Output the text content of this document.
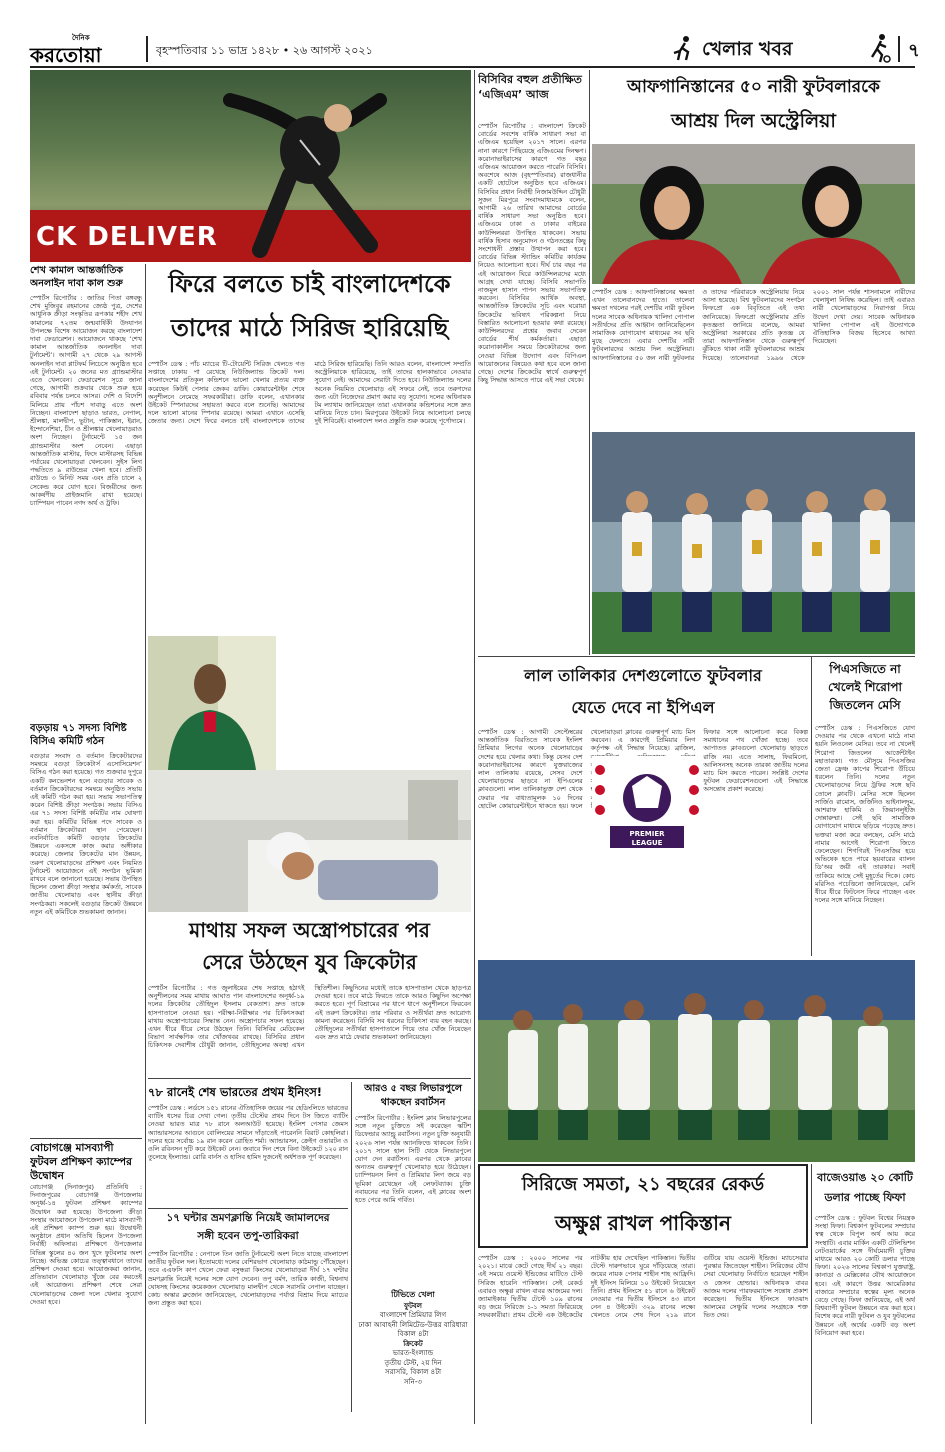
দৈনিক
করতোয়া	বৃহস্পতিবার ১১ ভাদ্র ১৪২৮ • ২৬ আগস্ট ২০২১	খেলার খবর	৭
CK DELIVER
শেখ কামাল আন্তর্জাতিক অনলাইন দাবা কাল শুরু
স্পোর্টস রিপোর্টার : জাতির পিতা বঙ্গবন্ধু শেখ মুজিবুর রহমানের জ্যেষ্ঠ পুত্র, দেশের আধুনিক ক্রীড়া সংস্কৃতির রূপকার শহীদ শেখ কামালের ৭২তম জন্মবার্ষিকী উদযাপন উপলক্ষে বিশেষ আয়োজন করছে বাংলাদেশ দাবা ফেডারেশন। আয়োজনে থাকছে ‘শেখ কামাল আন্তর্জাতিক অনলাইন দাবা টুর্নামেন্ট’। আগামী ২৭ থেকে ২৯ আগস্ট অনলাইন দাবা প্লাটফর্ম লিচেসে অনুষ্ঠিত হবে এই টুর্নামেন্ট। ২০ জনের মত গ্র্যান্ডমাস্টার এতে খেলবেন। ফেডারেশন সূত্রে জানা গেছে, আগামী শুক্রবার থেকে শুরু হয়ে রবিবার পর্যন্ত চলবে আসর। দেশি ও বিদেশি মিলিয়ে প্রায় পাঁচশ দাবাড়ু এতে অংশ নিচ্ছেন। বাংলাদেশ ছাড়াও ভারত, নেপাল, শ্রীলঙ্কা, মালদ্বীপ, ভুটান, পাকিস্তান, ইরান, ইন্দোনেশিয়া, চীন ও শ্রীলঙ্কার খেলোয়াড়রাও অংশ নিচ্ছেন। টুর্নামেন্টে ১৫ জন গ্র্যান্ডমাস্টার অংশ নেবেন। এছাড়া আন্তর্জাতিক মাস্টার, ফিদে মাস্টারসহ বিভিন্ন পর্যায়ের খেলোয়াড়রা খেলবেন। সুইস লিগ পদ্ধতিতে ৯ রাউন্ডের খেলা হবে। প্রতিটি রাউন্ডে ৩ মিনিট সময় এবং প্রতি চালে ২ সেকেন্ড করে যোগ হবে। বিজয়ীদের জন্য আকর্ষণীয় প্রাইজমানি রাখা হয়েছে। চ্যাম্পিয়ন পাবেন নগদ অর্থ ও ট্রফি।
বড়ড়ায় ৭১ সদস্য বিশিষ্ট বিসিএ কমিটি গঠন
বগুড়ার সংবাদ ও বর্তমান ক্রিকেটারদের সমন্বয়ে বগুড়া ক্রিকেটার্স এসোসিয়েশন’ বিসিএ গঠন করা হয়েছে। গত শুক্রবার দুপুরে একটি কনভেনশন হলে বগুড়ার সাবেক ও বর্তমান ক্রিকেটারদের সমন্বয়ে অনুষ্ঠিত সভায় এই কমিটি গঠন করা হয়। সভায় সভাপতিত্ব করেন বিশিষ্ট ক্রীড়া সংগঠক। সভায় বিসিএ এর ৭১ সদস্য বিশিষ্ট কমিটির নাম ঘোষণা করা হয়। কমিটির বিভিন্ন পদে সাবেক ও বর্তমান ক্রিকেটাররা স্থান পেয়েছেন। নবনির্বাচিত কমিটি বগুড়ার ক্রিকেটের উন্নয়নে একসঙ্গে কাজ করার অঙ্গীকার করেছে। জেলার ক্রিকেটের মান উন্নয়ন, তরুণ খেলোয়াড়দের প্রশিক্ষণ এবং নিয়মিত টুর্নামেন্ট আয়োজনে এই সংগঠন ভূমিকা রাখবে বলে জানানো হয়েছে। সভায় উপস্থিত ছিলেন জেলা ক্রীড়া সংস্থার কর্মকর্তা, সাবেক জাতীয় খেলোয়াড় এবং স্থানীয় ক্রীড়া সংগঠকরা। সকলেই বগুড়ার ক্রিকেট উন্নয়নে নতুন এই কমিটিকে শুভকামনা জানান।
বোচাগঞ্জে মাসব্যাপী ফুটবল প্রশিক্ষণ ক্যাম্পের উদ্বোধন
বোচাগঞ্জ (দিনাজপুর) প্রতিনিধি : দিনাজপুরের বোচাগঞ্জ উপজেলায় অনূর্ধ্ব-১৪ ফুটবল প্রশিক্ষণ ক্যাম্পের উদ্বোধন করা হয়েছে। উপজেলা ক্রীড়া সংস্থার আয়োজনে উপজেলা মাঠে মাসব্যাপী এই প্রশিক্ষণ ক্যাম্প শুরু হয়। উদ্বোধনী অনুষ্ঠানে প্রধান অতিথি ছিলেন উপজেলা নির্বাহী অফিসার। প্রশিক্ষণে উপজেলার বিভিন্ন স্কুলের ৪০ জন খুদে ফুটবলার অংশ নিচ্ছে। অভিজ্ঞ কোচের তত্ত্বাবধানে তাদের প্রশিক্ষণ দেওয়া হবে। আয়োজকরা জানান, প্রতিভাবান খেলোয়াড় খুঁজে বের করতেই এই আয়োজন। প্রশিক্ষণ শেষে সেরা খেলোয়াড়দের জেলা দলে খেলার সুযোগ দেওয়া হবে।
ফিরে বলতে চাই বাংলাদেশকে
তাদের মাঠে সিরিজ হারিয়েছি
স্পোর্টস ডেস্ক : পাঁচ ম্যাচের টি-টোয়েন্টি সিরিজ খেলতে গত সপ্তাহে ঢাকায় পা রেখেছে নিউজিল্যান্ড ক্রিকেট দল। বাংলাদেশের প্রতিকূল কন্ডিশনে ভালো খেলার প্রত্যয় ব্যক্ত করেছেন কিউই পেসার জেকব ডাফি। কোয়ারেন্টাইন শেষে অনুশীলনে নেমেছে সফরকারীরা। ডাফি বলেন, এখানকার উইকেট স্পিনারদের সহায়তা করবে বলে শুনেছি। আমাদের দলে ভালো মানের স্পিনার রয়েছে। আমরা এখানে এসেছি জেতার জন্য। দেশে ফিরে বলতে চাই বাংলাদেশকে তাদের মাঠে সিরিজ হারিয়েছি। তিনি আরও বলেন, বাংলাদেশ সম্প্রতি অস্ট্রেলিয়াকে হারিয়েছে, তাই তাদের হালকাভাবে নেওয়ার সুযোগ নেই। আমাদের সেরাটা দিতে হবে। নিউজিল্যান্ড দলের অনেক নিয়মিত খেলোয়াড় এই সফরে নেই, তবে তরুণদের জন্য এটা নিজেদের প্রমাণ করার বড় সুযোগ। দলের অধিনায়ক টম ল্যাথাম জানিয়েছেন তারা এখানকার কন্ডিশনের সঙ্গে দ্রুত মানিয়ে নিতে চান। মিরপুরের উইকেট নিয়ে আলোচনা চলছে দুই শিবিরেই। বাংলাদেশ দলও প্রস্তুতি শুরু করেছে পূর্ণোদ্যমে।
মাথায় সফল অস্ত্রোপচারের পর
সেরে উঠছেন যুব ক্রিকেটার
স্পোর্টস রিপোর্টার : গত জুলাইয়ের শেষ সপ্তাহে হঠাৎই অনুশীলনের সময় মাথায় আঘাত পান বাংলাদেশের অনূর্ধ্ব-১৯ দলের ক্রিকেটার তৌহিদুল ইসলাম বেকতাশ। দ্রুত তাকে হাসপাতালে নেওয়া হয়। পরীক্ষা-নিরীক্ষার পর চিকিৎসকরা মাথায় অস্ত্রোপচারের সিদ্ধান্ত নেন। অস্ত্রোপচার সফল হয়েছে। এখন ধীরে ধীরে সেরে উঠছেন তিনি। বিসিবির মেডিকেল বিভাগ সার্বক্ষণিক তার খোঁজখবর রাখছে। বিসিবির প্রধান চিকিৎসক দেবাশীষ চৌধুরী জানান, তৌহিদুলের অবস্থা এখন স্থিতিশীল। কিছুদিনের মধ্যেই তাকে হাসপাতাল থেকে ছাড়পত্র দেওয়া হবে। তবে মাঠে ফিরতে তাকে আরও কিছুদিন অপেক্ষা করতে হবে। পূর্ণ বিশ্রামের পর ধাপে ধাপে অনুশীলনে ফিরবেন এই তরুণ ক্রিকেটার। তার পরিবার ও সতীর্থরা দ্রুত আরোগ্য কামনা করেছেন। বিসিবি সব ধরনের চিকিৎসা ব্যয় বহন করছে। তৌহিদুলের সতীর্থরা হাসপাতালে গিয়ে তার খোঁজ নিয়েছেন এবং দ্রুত মাঠে ফেরার শুভকামনা জানিয়েছেন।
৭৮ রানেই শেষ ভারতের প্রথম ইনিংস!
স্পোর্টস ডেস্ক : লর্ডসে ১৫১ রানের ঐতিহাসিক জয়ের পর হেডিংলিতে ভারতের ব্যাটিং ধসের চিত্র দেখা গেল। তৃতীয় টেস্টের প্রথম দিনে টস জিতে ব্যাটিং নেওয়া ভারত মাত্র ৭৮ রানে অলআউট হয়েছে। ইংলিশ পেসার জেমস অ্যান্ডারসনের আগুনে বোলিংয়ের সামনে দাঁড়াতেই পারেননি বিরাট কোহলিরা। দলের হয়ে সর্বোচ্চ ১৯ রান করেন রোহিত শর্মা। অ্যান্ডারসন, ক্রেইগ ওভারটন ও ওলি রবিনসন দুটি করে উইকেট নেন। জবাবে দিন শেষে বিনা উইকেটে ১২০ রান তুলেছে ইংল্যান্ড। রোরি বার্নস ও হাসিব হামিদ দুজনেই অর্ধশতক পূর্ণ করেছেন।
আরও ৫ বছর লিভারপুলে
থাকছেন রবার্টসন
স্পোর্টস রিপোর্টার : ইংলিশ ক্লাব লিভারপুলের সঙ্গে নতুন চুক্তিতে সই করেছেন স্কটিশ ডিফেন্ডার অ্যান্ড্রু রবার্টসন। নতুন চুক্তি অনুযায়ী ২০২৬ সাল পর্যন্ত অ্যানফিল্ডে থাকবেন তিনি। ২০১৭ সালে হাল সিটি থেকে লিভারপুলে যোগ দেন রবার্টসন। এরপর থেকে ক্লাবের অন্যতম গুরুত্বপূর্ণ খেলোয়াড় হয়ে উঠেছেন। চ্যাম্পিয়নস লিগ ও প্রিমিয়ার লিগ জয়ে বড় ভূমিকা রেখেছেন এই লেফটব্যাক। চুক্তি নবায়নের পর তিনি বলেন, এই ক্লাবের অংশ হতে পেরে আমি গর্বিত।
টিভিতে খেলা
ফুটবল
বাংলাদেশ প্রিমিয়ার লিগ
ঢাকা আবাহনী লিমিটেড-উত্তর বারিধারা
বিকাল ৪টা
ক্রিকেট
ভারত-ইংল্যান্ড
তৃতীয় টেস্ট, ২য় দিন
সরাসরি, বিকাল ৪টা
সনি-৩
১৭ ঘন্টার ভ্রমণক্লান্তি নিয়েই জামালদের
সঙ্গী হবেন তপু-তারিকরা
স্পোর্টস রিপোর্টার : নেপালে তিন জাতি টুর্নামেন্টে অংশ নিতে যাচ্ছে বাংলাদেশ জাতীয় ফুটবল দল। ইতোমধ্যে দলের বেশিরভাগ খেলোয়াড় কাঠমান্ডু পৌঁছেছেন। তবে এএফসি কাপ খেলে ফেরা বসুন্ধরা কিংসের খেলোয়াড়রা দীর্ঘ ১৭ ঘণ্টার ভ্রমণক্লান্তি নিয়েই দলের সঙ্গে যোগ দেবেন। তপু বর্মণ, তারিক কাজী, বিশ্বনাথ ঘোষসহ কিংসের কয়েকজন খেলোয়াড় মালদ্বীপ থেকে সরাসরি নেপাল যাচ্ছেন। কোচ অস্কার ব্রুজোন জানিয়েছেন, খেলোয়াড়দের পর্যাপ্ত বিশ্রাম দিয়ে ম্যাচের জন্য প্রস্তুত করা হবে।
বিসিবির বহুল প্রতীক্ষিত ‘এজিএম’ আজ
স্পোর্টস রিপোর্টার : বাংলাদেশ ক্রিকেট বোর্ডের সবশেষ বার্ষিক সাধারণ সভা বা এজিএম হয়েছিল ২০১৭ সালে। এরপর নানা কারণে পিছিয়েছে এজিএমের দিনক্ষণ। করোনাভাইরাসের কারণে গত বছর এজিএম আয়োজন করতে পারেনি বিসিবি। অবশেষে আজ (বৃহস্পতিবার) রাজধানীর একটি হোটেলে অনুষ্ঠিত হবে এজিএম। বিসিবির প্রধান নির্বাহী নিজামউদ্দিন চৌধুরী সুজন মিরপুরে সংবাদমাধ্যমকে বলেন, আগামী ২৬ তারিখ আমাদের বোর্ডের বার্ষিক সাধারণ সভা অনুষ্ঠিত হবে। এজিএমে ঢাকা ও ঢাকার বাইরের কাউন্সিলররা উপস্থিত থাকবেন। সভায় বার্ষিক হিসাব অনুমোদন ও গঠনতন্ত্রের কিছু সংশোধনী প্রস্তাব উত্থাপন করা হবে। বোর্ডের বিভিন্ন স্ট্যান্ডিং কমিটির কার্যক্রম নিয়েও আলোচনা হবে। দীর্ঘ চার বছর পর এই আয়োজন ঘিরে কাউন্সিলরদের মধ্যে আগ্রহ দেখা যাচ্ছে। বিসিবি সভাপতি নাজমুল হাসান পাপন সভায় সভাপতিত্ব করবেন। বিসিবির আর্থিক অবস্থা, আন্তর্জাতিক ক্রিকেটের সূচি এবং ঘরোয়া ক্রিকেটের ভবিষ্যৎ পরিকল্পনা নিয়ে বিস্তারিত আলোচনা হওয়ার কথা রয়েছে। কাউন্সিলরদের প্রশ্নের জবাব দেবেন বোর্ডের শীর্ষ কর্মকর্তারা। এছাড়া করোনাকালীন সময়ে ক্রিকেটারদের জন্য নেওয়া বিভিন্ন উদ্যোগ এবং বিপিএল আয়োজনের বিষয়েও কথা হবে বলে জানা গেছে। দেশের ক্রিকেটের স্বার্থে গুরুত্বপূর্ণ কিছু সিদ্ধান্ত আসতে পারে এই সভা থেকে।
আফগানিস্তানের ৫০ নারী ফুটবলারকে
আশ্রয় দিল অস্ট্রেলিয়া
স্পোর্টস ডেস্ক : আফগানিস্তানের ক্ষমতা এখন তালেবানদের হাতে। তালেবা ক্ষমতা দখলের পরই দেশটির নারী ফুটবল দলের সাবেক অধিনায়ক খালিদা পোপাল সতীর্থদের প্রতি আহ্বান জানিয়েছিলেন সামাজিক যোগাযোগ মাধ্যমের সব ছবি মুছে ফেলতে। এবার দেশটির নারী ফুটবলারদের আশ্রয় দিল অস্ট্রেলিয়া। আফগানিস্তানের ৫০ জন নারী ফুটবলার ও তাদের পরিবারকে অস্ট্রেলিয়ায় নিয়ে আসা হয়েছে। বিশ্ব ফুটবলারদের সংগঠন ফিফপ্রো এক বিবৃতিতে এই তথ্য জানিয়েছে। ফিফপ্রো অস্ট্রেলিয়ার প্রতি কৃতজ্ঞতা জানিয়ে বলেছে, আমরা অস্ট্রেলিয়া সরকারের প্রতি কৃতজ্ঞ যে তারা আফগানিস্তান থেকে গুরুত্বপূর্ণ ঝুঁকিতে থাকা নারী ফুটবলারদের আশ্রয় দিয়েছে। তালেবানরা ১৯৯৬ থেকে ২০০১ সাল পর্যন্ত শাসনামলে নারীদের খেলাধুলা নিষিদ্ধ করেছিল। তাই এবারও নারী খেলোয়াড়দের নিরাপত্তা নিয়ে উদ্বেগ দেখা দেয়। সাবেক অধিনায়ক খালিদা পোপাল এই উদ্যোগকে ঐতিহাসিক বিজয় হিসেবে আখ্যা দিয়েছেন।
লাল তালিকার দেশগুলোতে ফুটবলার
যেতে দেবে না ইপিএল
স্পোর্টস ডেস্ক : আগামী সেপ্টেম্বরের আন্তর্জাতিক বিরতিতে সাবেক ইংলিশ প্রিমিয়ার লিগের অনেক খেলোয়াড়ের দেশের হয়ে খেলার কথা। কিন্তু যেসব দেশ করোনাভাইরাসের কারণে যুক্তরাজ্যের লাল তালিকায় রয়েছে, সেসব দেশে খেলোয়াড়দের ছাড়বে না ইপিএলের ক্লাবগুলো। লাল তালিকাভুক্ত দেশ থেকে ফেরার পর বাধ্যতামূলক ১০ দিনের হোটেল কোয়ারেন্টাইনে থাকতে হয়। ফলে খেলোয়াড়রা ক্লাবের গুরুত্বপূর্ণ ম্যাচ মিস করবেন। এ কারণেই প্রিমিয়ার লিগ কর্তৃপক্ষ এই সিদ্ধান্ত নিয়েছে। ব্রাজিল, ফিফার সঙ্গে আলোচনা করে বিকল্প সমাধানের পথ খোঁজা হচ্ছে। তবে আপাতত ক্লাবগুলো খেলোয়াড় ছাড়তে রাজি নয়। এতে সালাহ, ফিরমিনো, আলিসনসহ অনেক তারকা জাতীয় দলের ম্যাচ মিস করতে পারেন। সংশ্লিষ্ট দেশের ফুটবল ফেডারেশনগুলো এই সিদ্ধান্তে অসন্তোষ প্রকাশ করেছে।
PREMIER
LEAGUE
পিএসজিতে না খেলেই শিরোপা
জিতলেন মেসি
স্পোর্টস ডেস্ক : পিএসজিতে যোগ দেওয়ার পর থেকে এখনো মাঠে নামা হয়নি লিওনেল মেসির। তবে না খেলেই শিরোপা জিতলেন আর্জেন্টাইন মহাতারকা। গত মৌসুমে পিএসজির জেতা ফ্রেঞ্চ কাপের শিরোপা উঁচিয়ে ধরলেন তিনি। দলের নতুন খেলোয়াড়দের নিয়ে ট্রফির সঙ্গে ছবি তোলে ক্লাবটি। মেসির সঙ্গে ছিলেন সার্জিও রামোস, জর্জিনিও ভাইনালদুম, আশরাফ হাকিমি ও জিয়ানলুইজি দোন্নারুম্মা। সেই ছবি সামাজিক যোগাযোগ মাধ্যমে ছড়িয়ে পড়েছে দ্রুত। ভক্তরা মজা করে বলছেন, মেসি মাঠে নামার আগেই শিরোপা জিতে ফেলেছেন। শিগগিরই পিএসজির হয়ে অভিষেক হতে পারে ছয়বারের ব্যালন ডি’অর জয়ী এই তারকার। সবাই তাকিয়ে আছে সেই মুহূর্তের দিকে। কোচ মরিসিও পচেত্তিনো জানিয়েছেন, মেসি ধীরে ধীরে ফিটনেস ফিরে পাচ্ছেন এবং দলের সঙ্গে মানিয়ে নিচ্ছেন।
সিরিজে সমতা, ২১ বছরের রেকর্ড
অক্ষুণ্ণ রাখল পাকিস্তান
স্পোর্টস ডেস্ক : ২০০০ সালের পর ২০২১। মাঝে কেটে গেছে দীর্ঘ ২১ বছর। এই সময়ে ওয়েস্ট ইন্ডিজের মাটিতে টেস্ট সিরিজ হারেনি পাকিস্তান। সেই রেকর্ড এবারও অক্ষুণ্ণ রাখল বাবর আজমের দল। জ্যামাইকায় দ্বিতীয় টেস্টে ১০৯ রানের বড় জয়ে সিরিজে ১-১ সমতা ফিরিয়েছে সফরকারীরা। প্রথম টেস্টে এক উইকেটের নাটকীয় হার দেখেছিল পাকিস্তান। দ্বিতীয় টেস্টে দারুণভাবে ঘুরে দাঁড়িয়েছে তারা। জয়ের নায়ক পেসার শাহীন শাহ আফ্রিদি। দুই ইনিংস মিলিয়ে ১০ উইকেট নিয়েছেন তিনি। প্রথম ইনিংসে ৫১ রানে ৬ উইকেট নেওয়ার পর দ্বিতীয় ইনিংসে ৪৩ রানে নেন ৪ উইকেট। ৩২৯ রানের লক্ষ্যে খেলতে নেমে শেষ দিনে ২১৯ রানে গুটিয়ে যায় ওয়েস্ট ইন্ডিজ। ম্যাচসেরার পুরস্কার জিতেছেন শাহীন। সিরিজের যৌথ সেরা খেলোয়াড় নির্বাচিত হয়েছেন শাহীন ও জেসন হোল্ডার। অধিনায়ক বাবর আজম দলের পারফরম্যান্সে সন্তোষ প্রকাশ করেছেন। দ্বিতীয় ইনিংসে ফাওয়াদ আলমের সেঞ্চুরি দলের সংগ্রহকে শক্ত ভিত দেয়।
বাজেওয়াঙ ২০ কোটি
ডলার পাচ্ছে ফিফা
স্পোর্টস ডেস্ক : ফুটবল বিশ্বের নিয়ন্ত্রক সংস্থা ফিফা। বিশ্বকাপ ফুটবলের সম্প্রচার স্বত্ব থেকে বিপুল অর্থ আয় করে সংস্থাটি। এবার মার্কিন একটি টেলিভিশন নেটওয়ার্কের সঙ্গে দীর্ঘমেয়াদী চুক্তির মাধ্যমে আরও ২০ কোটি ডলার পাচ্ছে ফিফা। ২০২৬ সালের বিশ্বকাপ যুক্তরাষ্ট্র, কানাডা ও মেক্সিকোর যৌথ আয়োজনে হবে। এই কারণে উত্তর আমেরিকার বাজারে সম্প্রচার স্বত্বের মূল্য অনেক বেড়ে গেছে। ফিফা জানিয়েছে, এই অর্থ বিশ্বব্যাপী ফুটবল উন্নয়নে ব্যয় করা হবে। বিশেষ করে নারী ফুটবল ও যুব ফুটবলের উন্নয়নে এই অর্থের একটি বড় অংশ বিনিয়োগ করা হবে।
